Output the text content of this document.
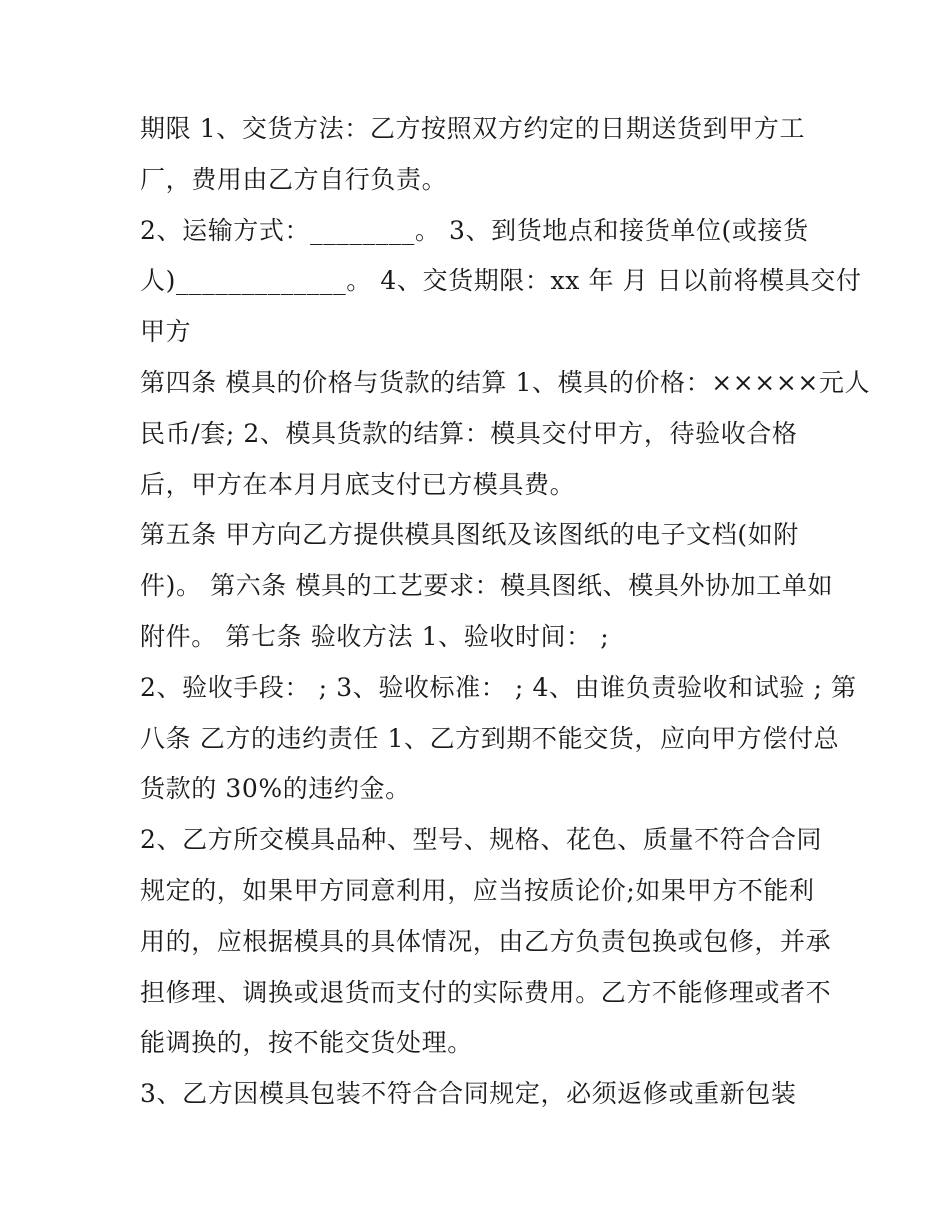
期限 1、交货方法：乙方按照双方约定的日期送货到甲方工
厂，费用由乙方自行负责。
2、运输方式：________。 3、到货地点和接货单位(或接货
人)_____________。 4、交货期限：xx 年 月 日以前将模具交付
甲方
第四条 模具的价格与货款的结算 1、模具的价格：×××××元人
民币/套; 2、模具货款的结算：模具交付甲方，待验收合格
后，甲方在本月月底支付已方模具费。
第五条 甲方向乙方提供模具图纸及该图纸的电子文档(如附
件)。 第六条 模具的工艺要求：模具图纸、模具外协加工单如
附件。 第七条 验收方法 1、验收时间： ;
2、验收手段： ; 3、验收标准： ; 4、由谁负责验收和试验 ; 第
八条 乙方的违约责任 1、乙方到期不能交货，应向甲方偿付总
货款的 30%的违约金。
2、乙方所交模具品种、型号、规格、花色、质量不符合合同
规定的，如果甲方同意利用，应当按质论价;如果甲方不能利
用的，应根据模具的具体情况，由乙方负责包换或包修，并承
担修理、调换或退货而支付的实际费用。乙方不能修理或者不
能调换的，按不能交货处理。
3、乙方因模具包装不符合合同规定，必须返修或重新包装
